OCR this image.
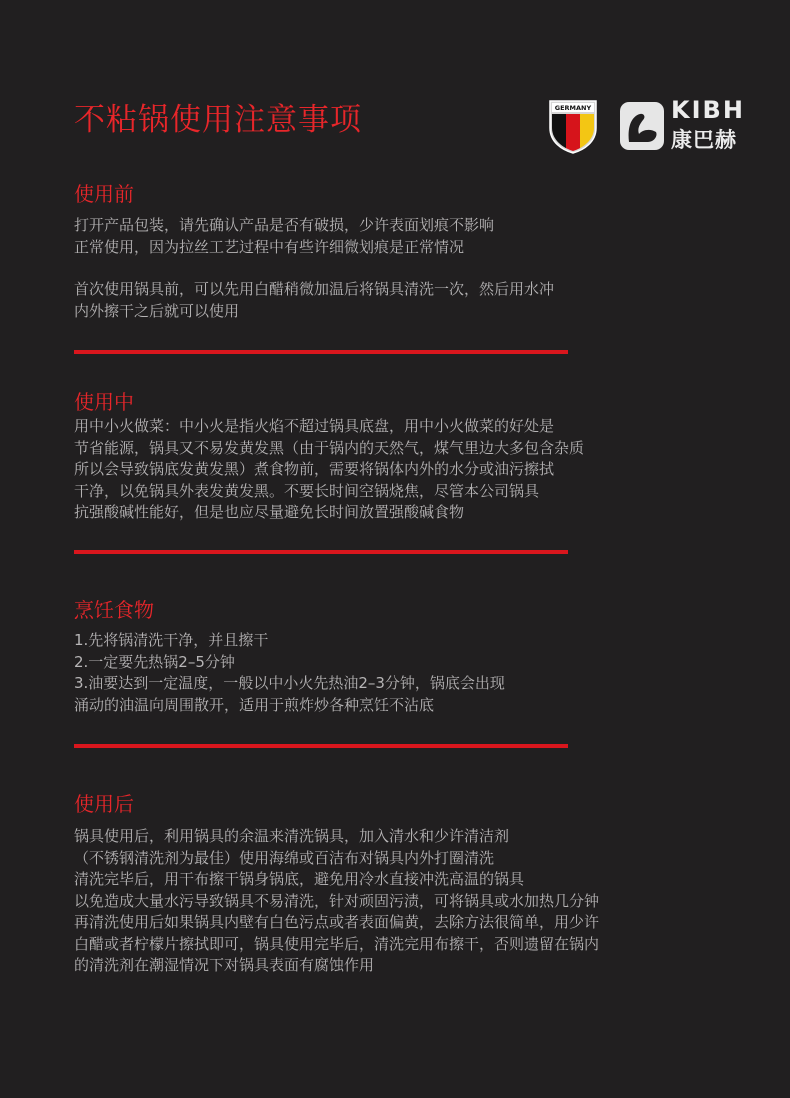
不粘锅使用注意事项	GERMANY	KIBH
康巴赫
使用前
打开产品包装，请先确认产品是否有破损，少许表面划痕不影响
正常使用，因为拉丝工艺过程中有些许细微划痕是正常情况
首次使用锅具前，可以先用白醋稍微加温后将锅具清洗一次，然后用水冲
内外擦干之后就可以使用
使用中
用中小火做菜：中小火是指火焰不超过锅具底盘，用中小火做菜的好处是
节省能源，锅具又不易发黄发黑（由于锅内的天然气，煤气里边大多包含杂质
所以会导致锅底发黄发黑）煮食物前，需要将锅体内外的水分或油污擦拭
干净，以免锅具外表发黄发黑。不要长时间空锅烧焦，尽管本公司锅具
抗强酸碱性能好，但是也应尽量避免长时间放置强酸碱食物
烹饪食物
1.先将锅清洗干净，并且擦干
2.一定要先热锅2–5分钟
3.油要达到一定温度，一般以中小火先热油2–3分钟，锅底会出现
涌动的油温向周围散开，适用于煎炸炒各种烹饪不沾底
使用后
锅具使用后，利用锅具的余温来清洗锅具，加入清水和少许清洁剂
（不锈钢清洗剂为最佳）使用海绵或百洁布对锅具内外打圈清洗
清洗完毕后，用干布擦干锅身锅底，避免用冷水直接冲洗高温的锅具
以免造成大量水污导致锅具不易清洗，针对顽固污渍，可将锅具或水加热几分钟
再清洗使用后如果锅具内壁有白色污点或者表面偏黄，去除方法很简单，用少许
白醋或者柠檬片擦拭即可，锅具使用完毕后，清洗完用布擦干，否则遗留在锅内
的清洗剂在潮湿情况下对锅具表面有腐蚀作用
